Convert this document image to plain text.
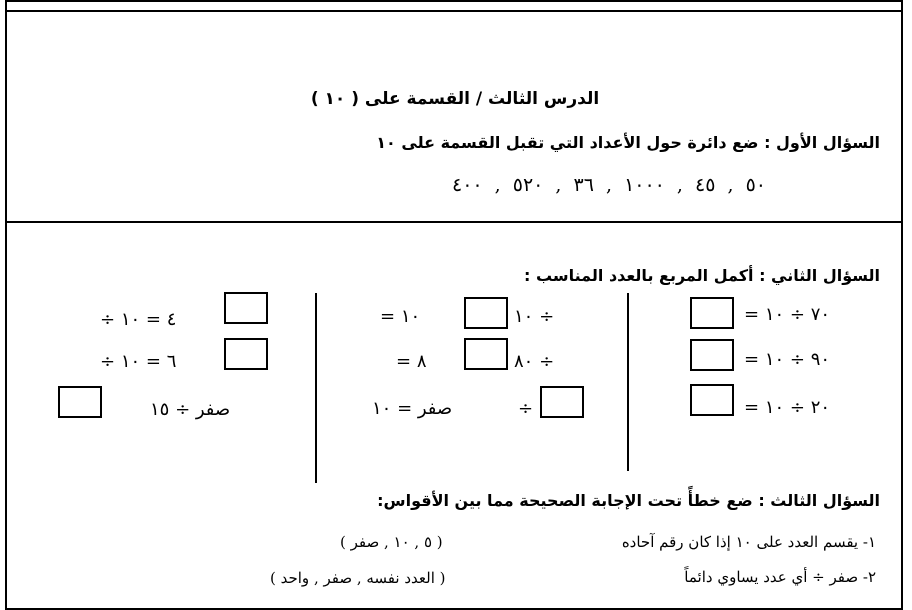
الدرس الثالث / القسمة على ( ١٠ )
السؤال الأول : ضع دائرة حول الأعداد التي تقبل القسمة على ١٠
٥٠ , ٤٥ , ١٠٠٠ , ٣٦ , ٥٢٠ , ٤٠٠
السؤال الثاني : أكمل المربع بالعدد المناسب :
٧٠ ÷ ١٠ =
٩٠ ÷ ١٠ =
٢٠ ÷ ١٠ =
١٠ =	÷ ١٠
٨ =	÷ ٨٠
صفر = ١٠	÷
٤ = ١٠ ÷
٦ = ١٠ ÷
صفر ÷ ١٥
السؤال الثالث : ضع خطأً تحت الإجابة الصحيحة مما بين الأقواس:
١- يقسم العدد على ١٠ إذا كان رقم آحاده
( ٥ , ١٠ , صفر )
٢- صفر ÷ أي عدد يساوي دائماً
( العدد نفسه , صفر , واحد )
